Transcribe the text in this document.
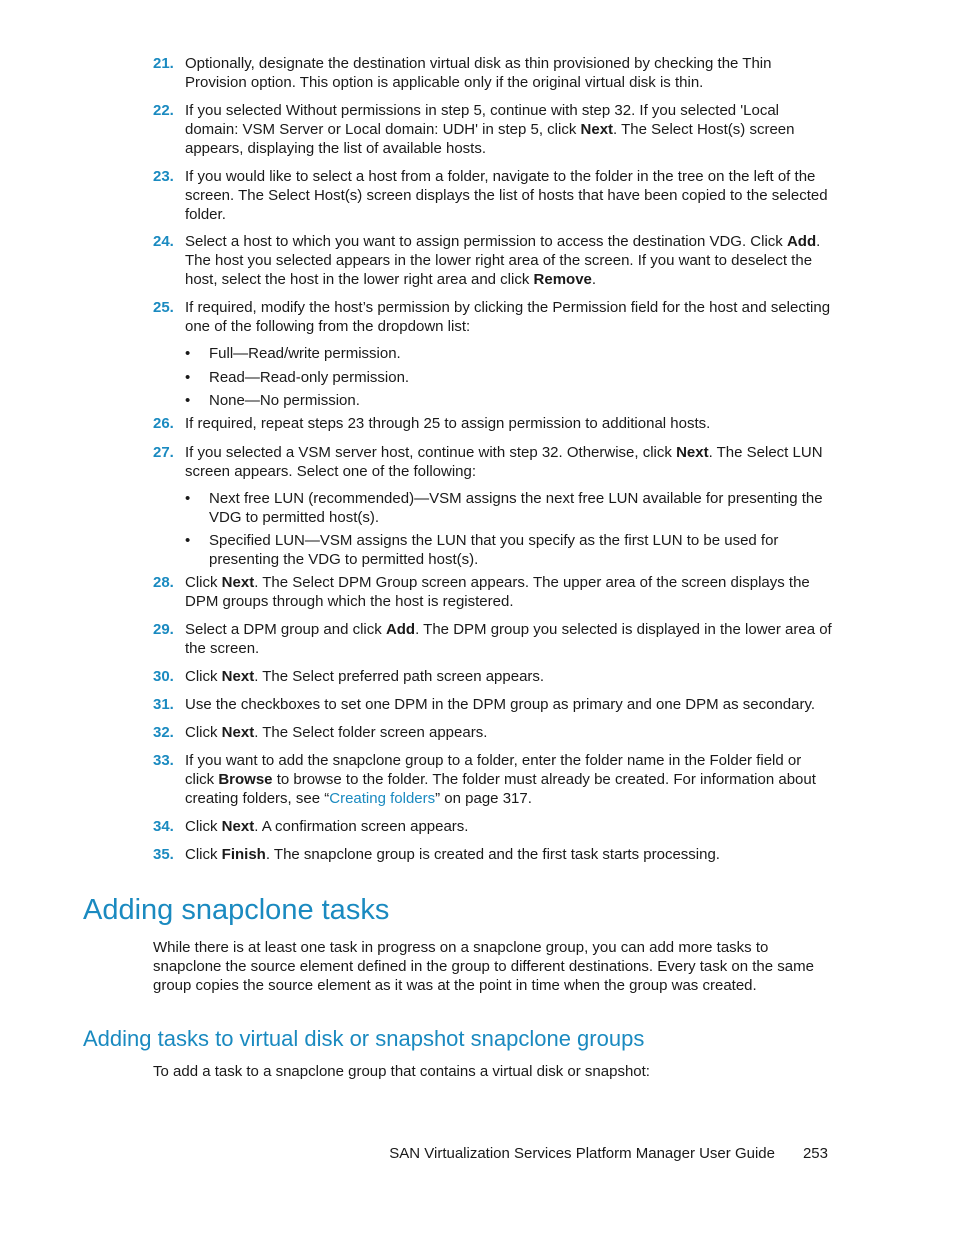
21. Optionally, designate the destination virtual disk as thin provisioned by checking the Thin Provision option. This option is applicable only if the original virtual disk is thin.
22. If you selected Without permissions in step 5, continue with step 32. If you selected 'Local domain: VSM Server or Local domain: UDH' in step 5, click Next. The Select Host(s) screen appears, displaying the list of available hosts.
23. If you would like to select a host from a folder, navigate to the folder in the tree on the left of the screen. The Select Host(s) screen displays the list of hosts that have been copied to the selected folder.
24. Select a host to which you want to assign permission to access the destination VDG. Click Add. The host you selected appears in the lower right area of the screen. If you want to deselect the host, select the host in the lower right area and click Remove.
25. If required, modify the host’s permission by clicking the Permission field for the host and selecting one of the following from the dropdown list:
• Full—Read/write permission.
• Read—Read-only permission.
• None—No permission.
26. If required, repeat steps 23 through 25 to assign permission to additional hosts.
27. If you selected a VSM server host, continue with step 32. Otherwise, click Next. The Select LUN screen appears. Select one of the following:
• Next free LUN (recommended)—VSM assigns the next free LUN available for presenting the VDG to permitted host(s).
• Specified LUN—VSM assigns the LUN that you specify as the first LUN to be used for presenting the VDG to permitted host(s).
28. Click Next. The Select DPM Group screen appears. The upper area of the screen displays the DPM groups through which the host is registered.
29. Select a DPM group and click Add. The DPM group you selected is displayed in the lower area of the screen.
30. Click Next. The Select preferred path screen appears.
31. Use the checkboxes to set one DPM in the DPM group as primary and one DPM as secondary.
32. Click Next. The Select folder screen appears.
33. If you want to add the snapclone group to a folder, enter the folder name in the Folder field or click Browse to browse to the folder. The folder must already be created. For information about creating folders, see “Creating folders” on page 317.
34. Click Next. A confirmation screen appears.
35. Click Finish. The snapclone group is created and the first task starts processing.
Adding snapclone tasks
While there is at least one task in progress on a snapclone group, you can add more tasks to snapclone the source element defined in the group to different destinations. Every task on the same group copies the source element as it was at the point in time when the group was created.
Adding tasks to virtual disk or snapshot snapclone groups
To add a task to a snapclone group that contains a virtual disk or snapshot:
SAN Virtualization Services Platform Manager User Guide 253
